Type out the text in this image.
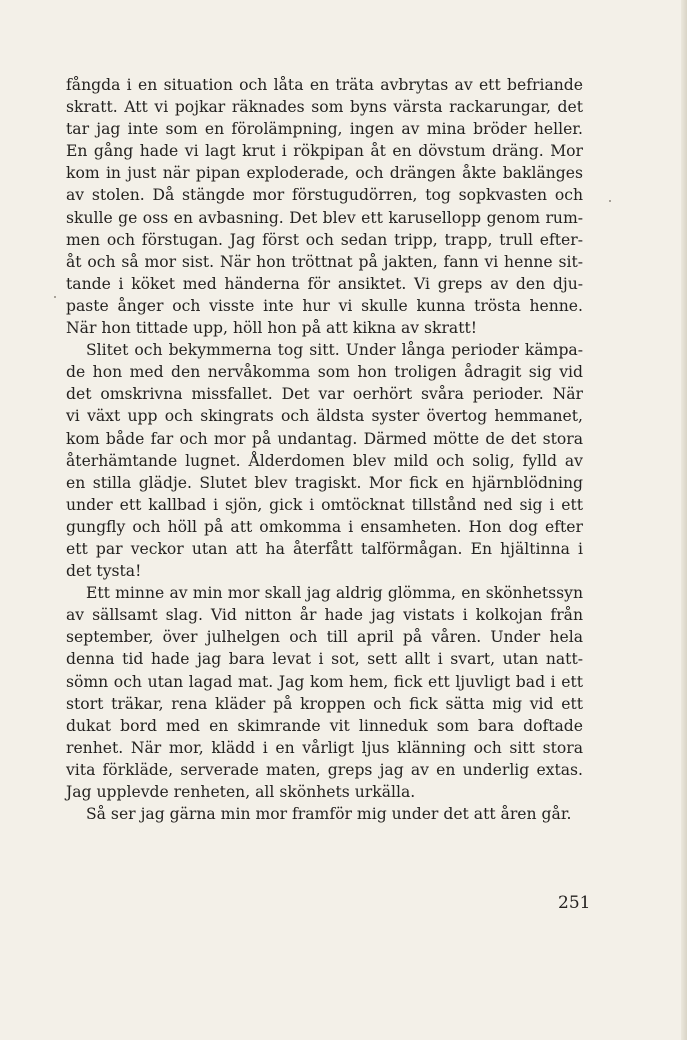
fångda i en situation och låta en träta avbrytas av ett befriande
skratt. Att vi pojkar räknades som byns värsta rackarungar, det
tar jag inte som en förolämpning, ingen av mina bröder heller.
En gång hade vi lagt krut i rökpipan åt en dövstum dräng. Mor
kom in just när pipan exploderade, och drängen åkte baklänges
av stolen. Då stängde mor förstugudörren, tog sopkvasten och
skulle ge oss en avbasning. Det blev ett karusellopp genom rum-
men och förstugan. Jag först och sedan tripp, trapp, trull efter-
åt och så mor sist. När hon tröttnat på jakten, fann vi henne sit-
tande i köket med händerna för ansiktet. Vi greps av den dju-
paste ånger och visste inte hur vi skulle kunna trösta henne.
När hon tittade upp, höll hon på att kikna av skratt!
Slitet och bekymmerna tog sitt. Under långa perioder kämpa-
de hon med den nervåkomma som hon troligen ådragit sig vid
det omskrivna missfallet. Det var oerhört svåra perioder. När
vi växt upp och skingrats och äldsta syster övertog hemmanet,
kom både far och mor på undantag. Därmed mötte de det stora
återhämtande lugnet. Ålderdomen blev mild och solig, fylld av
en stilla glädje. Slutet blev tragiskt. Mor fick en hjärnblödning
under ett kallbad i sjön, gick i omtöcknat tillstånd ned sig i ett
gungfly och höll på att omkomma i ensamheten. Hon dog efter
ett par veckor utan att ha återfått talförmågan. En hjältinna i
det tysta!
Ett minne av min mor skall jag aldrig glömma, en skönhetssyn
av sällsamt slag. Vid nitton år hade jag vistats i kolkojan från
september, över julhelgen och till april på våren. Under hela
denna tid hade jag bara levat i sot, sett allt i svart, utan natt-
sömn och utan lagad mat. Jag kom hem, fick ett ljuvligt bad i ett
stort träkar, rena kläder på kroppen och fick sätta mig vid ett
dukat bord med en skimrande vit linneduk som bara doftade
renhet. När mor, klädd i en vårligt ljus klänning och sitt stora
vita förkläde, serverade maten, greps jag av en underlig extas.
Jag upplevde renheten, all skönhets urkälla.
Så ser jag gärna min mor framför mig under det att åren går.
251
